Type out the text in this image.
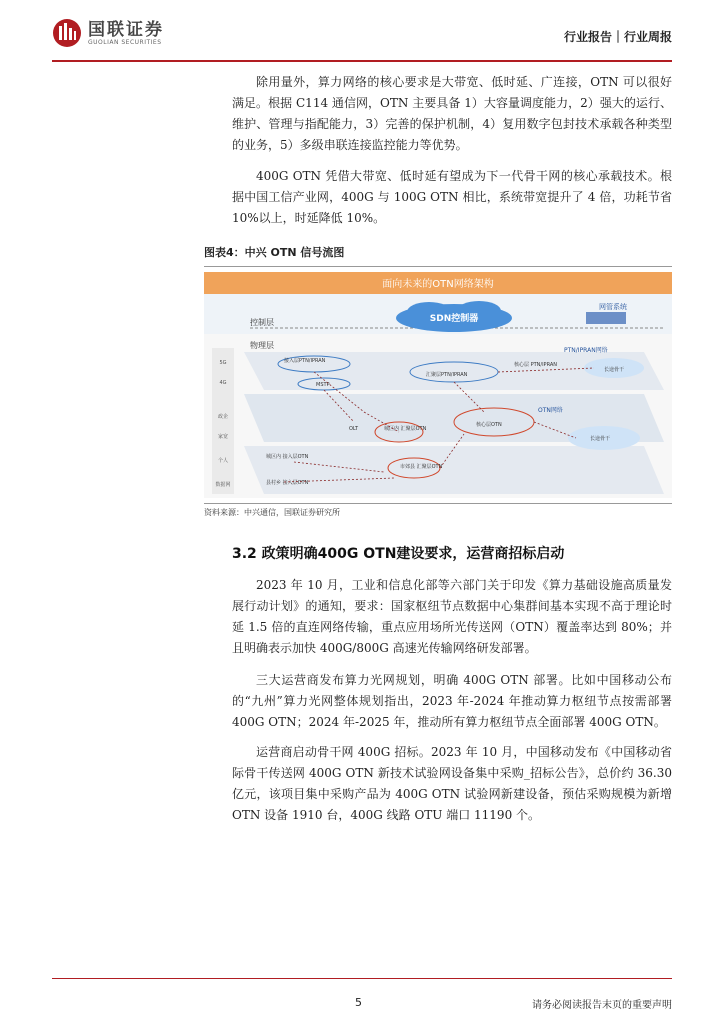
国联证券
GUOLIAN SECURITIES	行业报告｜行业周报

除用量外，算力网络的核心要求是大带宽、低时延、广连接，OTN 可以很好满足。根据 C114 通信网，OTN 主要具备 1）大容量调度能力，2）强大的运行、维护、管理与指配能力，3）完善的保护机制，4）复用数字包封技术承载各种类型的业务，5）多级串联连接监控能力等优势。

400G OTN 凭借大带宽、低时延有望成为下一代骨干网的核心承载技术。根据中国工信产业网，400G 与 100G OTN 相比，系统带宽提升了 4 倍，功耗节省 10%以上，时延降低 10%。

图表4：中兴 OTN 信号流图
面向未来的OTN网络架构
控制层	SDN控制器
网管系统
物理层
5G
4G
政企
家宽
个人
数据网
接入层PTN/IPRAN
汇聚层PTN/IPRAN
核心层 PTN/IPRAN
PTN/IPRAN网络
长途骨干
MSTP
OLT	城区内 汇聚层OTN
核心层OTN
OTN网络
长途骨干
城区内 接入层OTN
县村乡 接入层OTN
市郊县 汇聚层OTN
资料来源：中兴通信，国联证券研究所
3.2 政策明确400G OTN建设要求，运营商招标启动

2023 年 10 月，工业和信息化部等六部门关于印发《算力基础设施高质量发展行动计划》的通知，要求：国家枢纽节点数据中心集群间基本实现不高于理论时延 1.5 倍的直连网络传输，重点应用场所光传送网（OTN）覆盖率达到 80%；并且明确表示加快 400G/800G 高速光传输网络研发部署。

三大运营商发布算力光网规划，明确 400G OTN 部署。比如中国移动公布的“九州”算力光网整体规划指出，2023 年-2024 年推动算力枢纽节点按需部署 400G OTN；2024 年-2025 年，推动所有算力枢纽节点全面部署 400G OTN。

运营商启动骨干网 400G 招标。2023 年 10 月，中国移动发布《中国移动省际骨干传送网 400G OTN 新技术试验网设备集中采购_招标公告》，总价约 36.30 亿元，该项目集中采购产品为 400G OTN 试验网新建设备，预估采购规模为新增 OTN 设备 1910 台，400G 线路 OTU 端口 11190 个。

5	请务必阅读报告末页的重要声明
